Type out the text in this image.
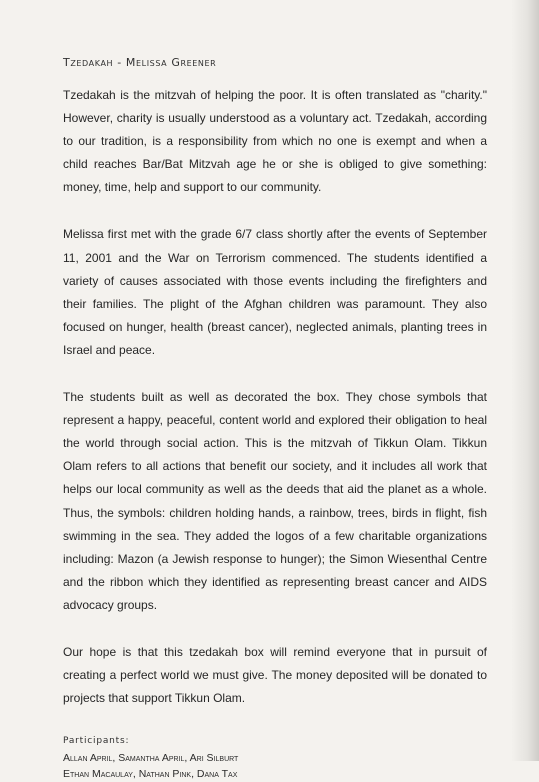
Tzedakah - Melissa Greener

Tzedakah is the mitzvah of helping the poor. It is often translated as "charity." However, charity is usually understood as a voluntary act. Tzedakah, according to our tradition, is a responsibility from which no one is exempt and when a child reaches Bar/Bat Mitzvah age he or she is obliged to give something: money, time, help and support to our community.

Melissa first met with the grade 6/7 class shortly after the events of September 11, 2001 and the War on Terrorism commenced. The students identified a variety of causes associated with those events including the firefighters and their families. The plight of the Afghan children was paramount. They also focused on hunger, health (breast cancer), neglected animals, planting trees in Israel and peace.

The students built as well as decorated the box. They chose symbols that represent a happy, peaceful, content world and explored their obligation to heal the world through social action. This is the mitzvah of Tikkun Olam. Tikkun Olam refers to all actions that benefit our society, and it includes all work that helps our local community as well as the deeds that aid the planet as a whole. Thus, the symbols: children holding hands, a rainbow, trees, birds in flight, fish swimming in the sea. They added the logos of a few charitable organizations including: Mazon (a Jewish response to hunger); the Simon Wiesenthal Centre and the ribbon which they identified as representing breast cancer and AIDS advocacy groups.

Our hope is that this tzedakah box will remind everyone that in pursuit of creating a perfect world we must give. The money deposited will be donated to projects that support Tikkun Olam.

Participants:
Allan April, Samantha April, Ari Silburt
Ethan Macaulay, Nathan Pink, Dana Tax
